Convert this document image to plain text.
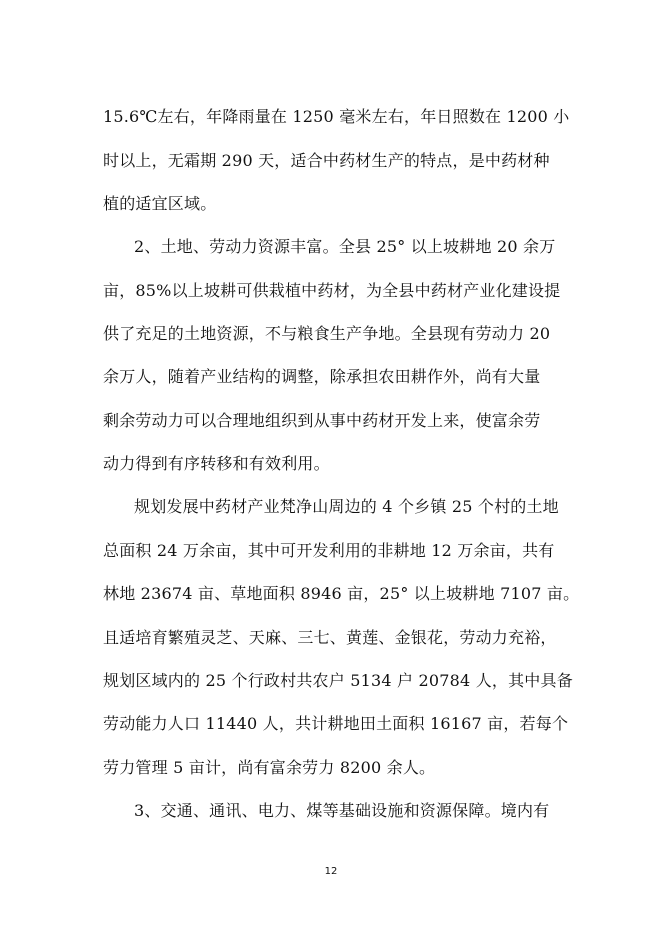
15.6℃左右，年降雨量在 1250 毫米左右，年日照数在 1200 小
时以上，无霜期 290 天，适合中药材生产的特点，是中药材种
植的适宜区域。
2、土地、劳动力资源丰富。全县 25° 以上坡耕地 20 余万
亩，85%以上坡耕可供栽植中药材，为全县中药材产业化建设提
供了充足的土地资源，不与粮食生产争地。全县现有劳动力 20
余万人，随着产业结构的调整，除承担农田耕作外，尚有大量
剩余劳动力可以合理地组织到从事中药材开发上来，使富余劳
动力得到有序转移和有效利用。
规划发展中药材产业梵净山周边的 4 个乡镇 25 个村的土地
总面积 24 万余亩，其中可开发利用的非耕地 12 万余亩，共有
林地 23674 亩、草地面积 8946 亩，25° 以上坡耕地 7107 亩。
且适培育繁殖灵芝、天麻、三七、黄莲、金银花，劳动力充裕，
规划区域内的 25 个行政村共农户 5134 户 20784 人，其中具备
劳动能力人口 11440 人，共计耕地田土面积 16167 亩，若每个
劳力管理 5 亩计，尚有富余劳力 8200 余人。
3、交通、通讯、电力、煤等基础设施和资源保障。境内有
12
